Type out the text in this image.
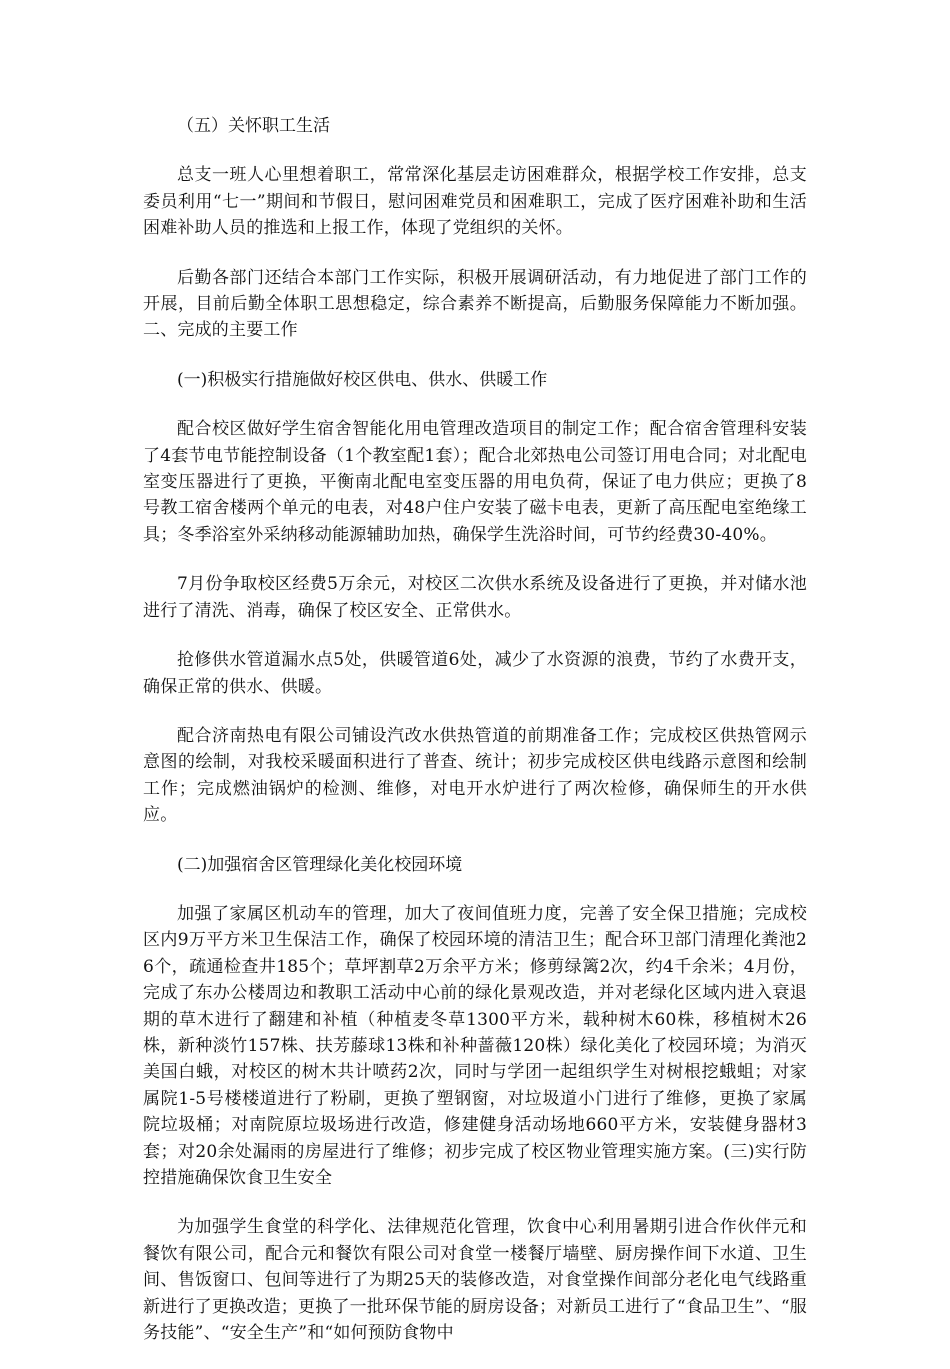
（五）关怀职工生活

总支一班人心里想着职工，常常深化基层走访困难群众，根据学校工作安排，总支委员利用“七一”期间和节假日，慰问困难党员和困难职工，完成了医疗困难补助和生活困难补助人员的推选和上报工作，体现了党组织的关怀。

后勤各部门还结合本部门工作实际，积极开展调研活动，有力地促进了部门工作的开展，目前后勤全体职工思想稳定，综合素养不断提高，后勤服务保障能力不断加强。二、完成的主要工作

(一)积极实行措施做好校区供电、供水、供暖工作

配合校区做好学生宿舍智能化用电管理改造项目的制定工作；配合宿舍管理科安装了4套节电节能控制设备（1个教室配1套）；配合北郊热电公司签订用电合同；对北配电室变压器进行了更换，平衡南北配电室变压器的用电负荷，保证了电力供应；更换了8号教工宿舍楼两个单元的电表，对48户住户安装了磁卡电表，更新了高压配电室绝缘工具；冬季浴室外采纳移动能源辅助加热，确保学生洗浴时间，可节约经费30-40%。

7月份争取校区经费5万余元，对校区二次供水系统及设备进行了更换，并对储水池进行了清洗、消毒，确保了校区安全、正常供水。

抢修供水管道漏水点5处，供暖管道6处，减少了水资源的浪费，节约了水费开支，确保正常的供水、供暖。

配合济南热电有限公司铺设汽改水供热管道的前期准备工作；完成校区供热管网示意图的绘制，对我校采暖面积进行了普查、统计；初步完成校区供电线路示意图和绘制工作；完成燃油锅炉的检测、维修，对电开水炉进行了两次检修，确保师生的开水供应。

(二)加强宿舍区管理绿化美化校园环境

加强了家属区机动车的管理，加大了夜间值班力度，完善了安全保卫措施；完成校区内9万平方米卫生保洁工作，确保了校园环境的清洁卫生；配合环卫部门清理化粪池26个，疏通检查井185个；草坪割草2万余平方米；修剪绿篱2次，约4千余米；4月份，完成了东办公楼周边和教职工活动中心前的绿化景观改造，并对老绿化区域内进入衰退期的草木进行了翻建和补植（种植麦冬草1300平方米，载种树木60株，移植树木26株，新种淡竹157株、扶芳藤球13株和补种蔷薇120株）绿化美化了校园环境；为消灭美国白蛾，对校区的树木共计喷药2次，同时与学团一起组织学生对树根挖蛾蛆；对家属院1-5号楼楼道进行了粉刷，更换了塑钢窗，对垃圾道小门进行了维修，更换了家属院垃圾桶；对南院原垃圾场进行改造，修建健身活动场地660平方米，安装健身器材3套；对20余处漏雨的房屋进行了维修；初步完成了校区物业管理实施方案。(三)实行防控措施确保饮食卫生安全

为加强学生食堂的科学化、法律规范化管理，饮食中心利用暑期引进合作伙伴元和餐饮有限公司，配合元和餐饮有限公司对食堂一楼餐厅墙壁、厨房操作间下水道、卫生间、售饭窗口、包间等进行了为期25天的装修改造，对食堂操作间部分老化电气线路重新进行了更换改造；更换了一批环保节能的厨房设备；对新员工进行了“食品卫生”、“服务技能”、“安全生产”和“如何预防食物中
